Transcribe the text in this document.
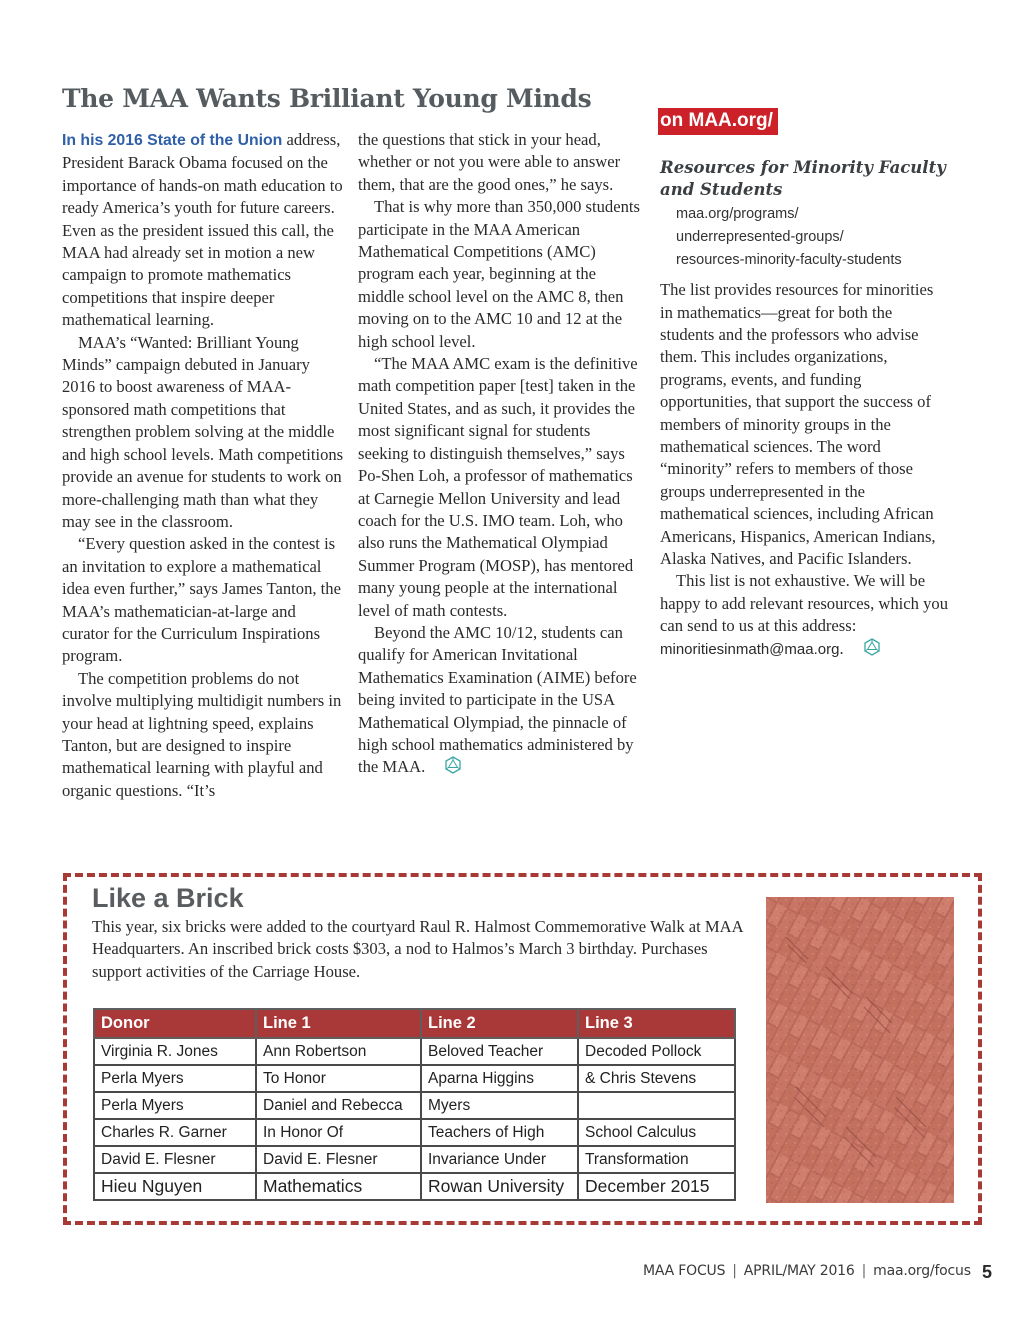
The MAA Wants Brilliant Young Minds

In his 2016 State of the Union address, President Barack Obama focused on the importance of hands-on math education to ready America’s youth for future careers. Even as the president issued this call, the MAA had already set in motion a new campaign to promote mathematics competitions that inspire deeper mathematical learning.

MAA’s “Wanted: Brilliant Young Minds” campaign debuted in January 2016 to boost awareness of MAA-sponsored math competitions that strengthen problem solving at the middle and high school levels. Math competitions provide an avenue for students to work on more-challenging math than what they may see in the classroom.

“Every question asked in the contest is an invitation to explore a mathematical idea even further,” says James Tanton, the MAA’s mathematician-at-large and curator for the Curriculum Inspirations program.

The competition problems do not involve multiplying multidigit numbers in your head at lightning speed, explains Tanton, but are designed to inspire mathematical learning with playful and organic questions. “It’s

the questions that stick in your head, whether or not you were able to answer them, that are the good ones,” he says.

That is why more than 350,000 students participate in the MAA American Mathematical Competitions (AMC) program each year, beginning at the middle school level on the AMC 8, then moving on to the AMC 10 and 12 at the high school level.

“The MAA AMC exam is the definitive math competition paper [test] taken in the United States, and as such, it provides the most significant signal for students seeking to distinguish themselves,” says Po-Shen Loh, a professor of mathematics at Carnegie Mellon University and lead coach for the U.S. IMO team. Loh, who also runs the Mathematical Olympiad Summer Program (MOSP), has mentored many young people at the international level of math contests.

Beyond the AMC 10/12, students can qualify for American Invitational Mathematics Examination (AIME) before being invited to participate in the USA Mathematical Olympiad, the pinnacle of high school mathematics administered by the MAA.

on MAA.org/
Resources for Minority Faculty and Students
maa.org/programs/
underrepresented-groups/
resources-minority-faculty-students

The list provides resources for minorities in mathematics—great for both the students and the professors who advise them. This includes organizations, programs, events, and funding opportunities, that support the success of members of minority groups in the mathematical sciences. The word “minority” refers to members of those groups underrepresented in the mathematical sciences, including African Americans, Hispanics, American Indians, Alaska Natives, and Pacific Islanders.

This list is not exhaustive. We will be happy to add relevant resources, which you can send to us at this address: minoritiesinmath@maa.org.

Like a Brick

This year, six bricks were added to the courtyard Raul R. Halmost Commemorative Walk at MAA Headquarters. An inscribed brick costs $303, a nod to Halmos’s March 3 birthday. Purchases support activities of the Carriage House.

Donor	Line 1	Line 2	Line 3
Virginia R. Jones	Ann Robertson	Beloved Teacher	Decoded Pollock
Perla Myers	To Honor	Aparna Higgins	& Chris Stevens
Perla Myers	Daniel and Rebecca	Myers	
Charles R. Garner	In Honor Of	Teachers of High	School Calculus
David E. Flesner	David E. Flesner	Invariance Under	Transformation
Hieu Nguyen	Mathematics	Rowan University	December 2015
MAA FOCUS | APRIL/MAY 2016 | maa.org/focus 5
